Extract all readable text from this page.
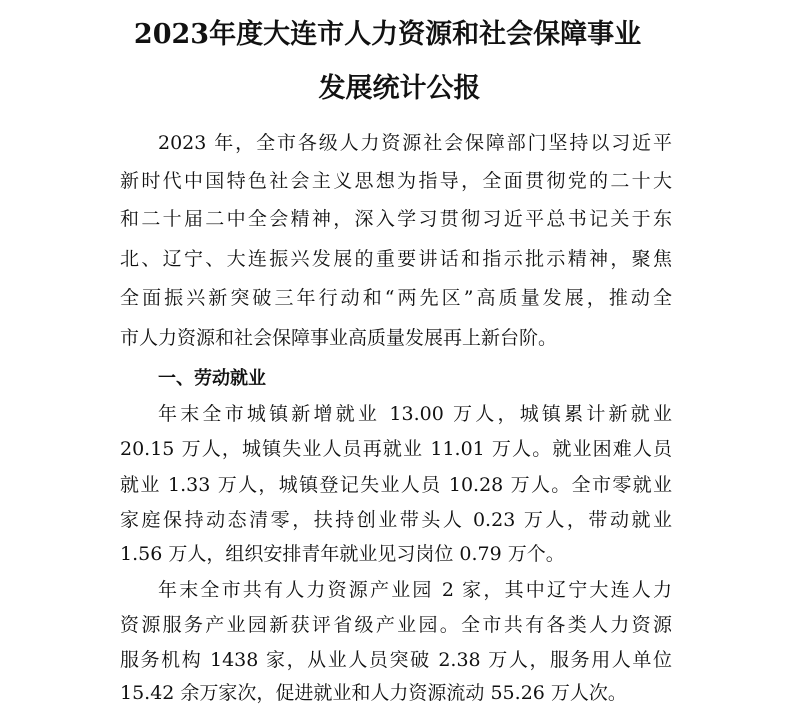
2023年度大连市人力资源和社会保障事业
发展统计公报
2023 年，全市各级人力资源社会保障部门坚持以习近平
新时代中国特色社会主义思想为指导，全面贯彻党的二十大
和二十届二中全会精神，深入学习贯彻习近平总书记关于东
北、辽宁、大连振兴发展的重要讲话和指示批示精神，聚焦
全面振兴新突破三年行动和“两先区”高质量发展，推动全
市人力资源和社会保障事业高质量发展再上新台阶。
一、劳动就业
年末全市城镇新增就业 13.00 万人，城镇累计新就业
20.15 万人，城镇失业人员再就业 11.01 万人。就业困难人员
就业 1.33 万人，城镇登记失业人员 10.28 万人。全市零就业
家庭保持动态清零，扶持创业带头人 0.23 万人，带动就业
1.56 万人，组织安排青年就业见习岗位 0.79 万个。
年末全市共有人力资源产业园 2 家，其中辽宁大连人力
资源服务产业园新获评省级产业园。全市共有各类人力资源
服务机构 1438 家，从业人员突破 2.38 万人，服务用人单位
15.42 余万家次，促进就业和人力资源流动 55.26 万人次。
